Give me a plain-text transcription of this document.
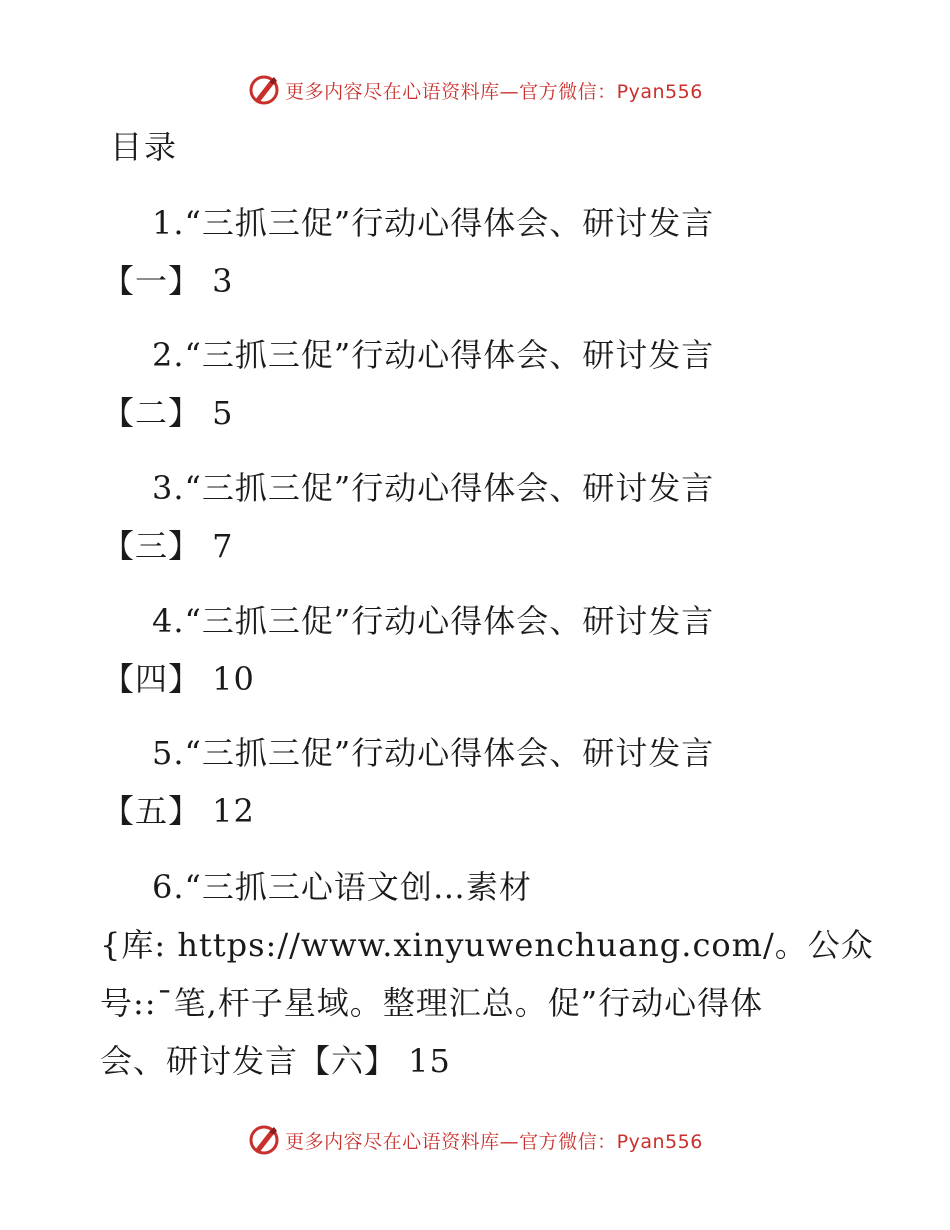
更多内容尽在心语资料库—官方微信：Pyan556
目录
1.“三抓三促”行动心得体会、研讨发言
【一】 3
2.“三抓三促”行动心得体会、研讨发言
【二】 5
3.“三抓三促”行动心得体会、研讨发言
【三】 7
4.“三抓三促”行动心得体会、研讨发言
【四】 10
5.“三抓三促”行动心得体会、研讨发言
【五】 12
6.“三抓三心语文创…素材
{库: https://www.xinyuwenchuang.com/。公众
号::¯笔,杆子星域。整理汇总。促”行动心得体
会、研讨发言【六】 15
更多内容尽在心语资料库—官方微信：Pyan556
